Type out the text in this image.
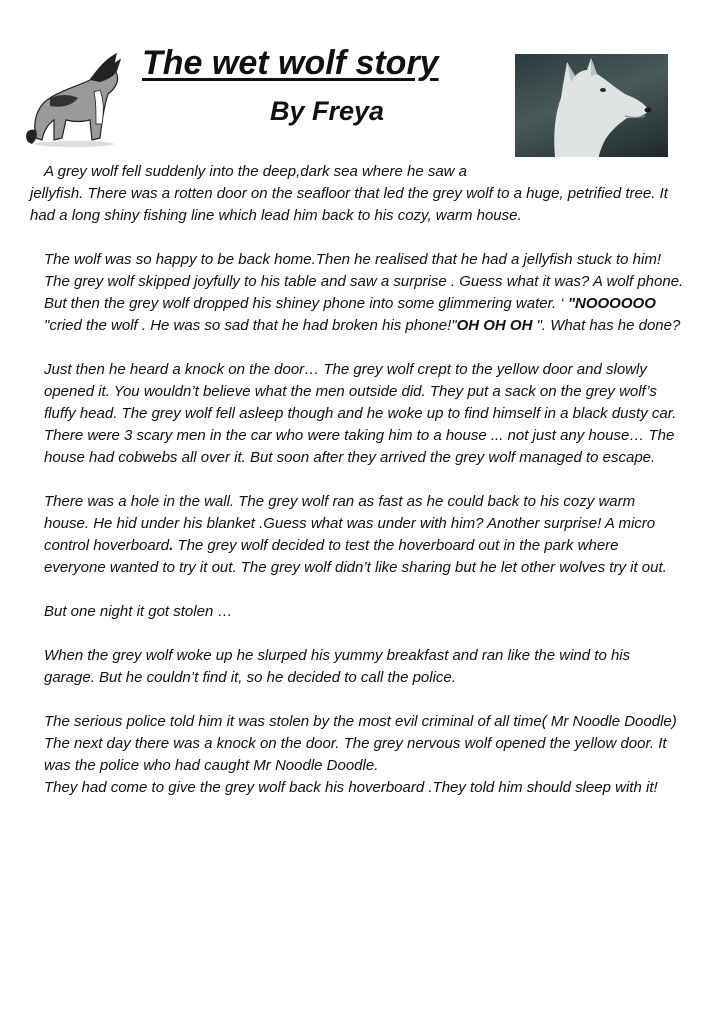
The wet wolf story
By Freya

A grey wolf fell suddenly into the deep,dark sea where he saw a
jellyfish. There was a rotten door on the seafloor that led the grey wolf to a huge, petrified tree. It had a long shiny fishing line which lead him back to his cozy, warm house.

The wolf was so happy to be back home.Then he realised that he had a jellyfish stuck to him! The grey wolf skipped joyfully to his table and saw a surprise . Guess what it was? A wolf phone. But then the grey wolf dropped his shiney phone into some glimmering water. ‘ "NOOOOOO "cried the wolf . He was so sad that he had broken his phone!"OH OH OH ". What has he done?

Just then he heard a knock on the door… The grey wolf crept to the yellow door and slowly opened it. You wouldn’t believe what the men outside did. They put a sack on the grey wolf’s fluffy head. The grey wolf fell asleep though and he woke up to find himself in a black dusty car.

There were 3 scary men in the car who were taking him to a house ... not just any house… The house had cobwebs all over it. But soon after they arrived the grey wolf managed to escape.

There was a hole in the wall. The grey wolf ran as fast as he could back to his cozy warm house. He hid under his blanket .Guess what was under with him? Another surprise! A micro control hoverboard. The grey wolf decided to test the hoverboard out in the park where everyone wanted to try it out. The grey wolf didn’t like sharing but he let other wolves try it out.

But one night it got stolen …

When the grey wolf woke up he slurped his yummy breakfast and ran like the wind to his garage. But he couldn’t find it, so he decided to call the police.

The serious police told him it was stolen by the most evil criminal of all time( Mr Noodle Doodle) The next day there was a knock on the door. The grey nervous wolf opened the yellow door. It was the police who had caught Mr Noodle Doodle.

They had come to give the grey wolf back his hoverboard .They told him should sleep with it!
